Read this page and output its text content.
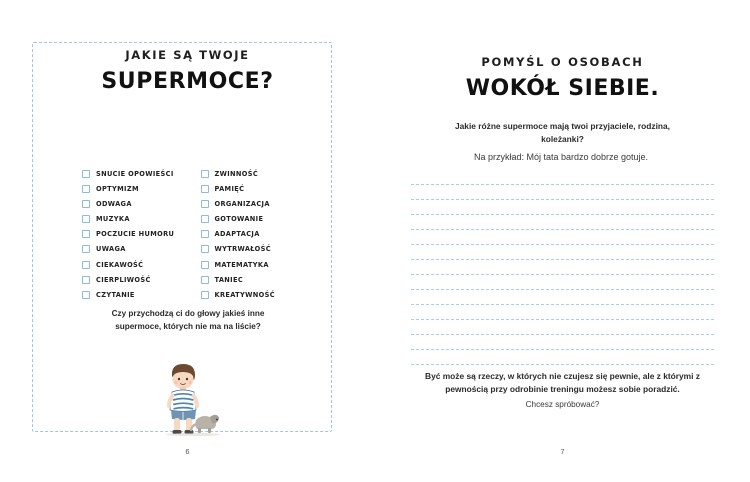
JAKIE SĄ TWOJE
SUPERMOCE?
SNUCIE OPOWIEŚCI
OPTYMIZM
ODWAGA
MUZYKA
POCZUCIE HUMORU
UWAGA
CIEKAWOŚĆ
CIERPLIWOŚĆ
CZYTANIE
ZWINNOŚĆ
PAMIĘĆ
ORGANIZACJA
GOTOWANIE
ADAPTACJA
WYTRWAŁOŚĆ
MATEMATYKA
TANIEC
KREATYWNOŚĆ
Czy przychodzą ci do głowy jakieś inne supermoce, których nie ma na liście?
6
POMYŚL O OSOBACH
WOKÓŁ SIEBIE.
Jakie różne supermoce mają twoi przyjaciele, rodzina, koleżanki?
Na przykład: Mój tata bardzo dobrze gotuje.
Być może są rzeczy, w których nie czujesz się pewnie, ale z którymi z pewnością przy odrobinie treningu możesz sobie poradzić.
Chcesz spróbować?
7
